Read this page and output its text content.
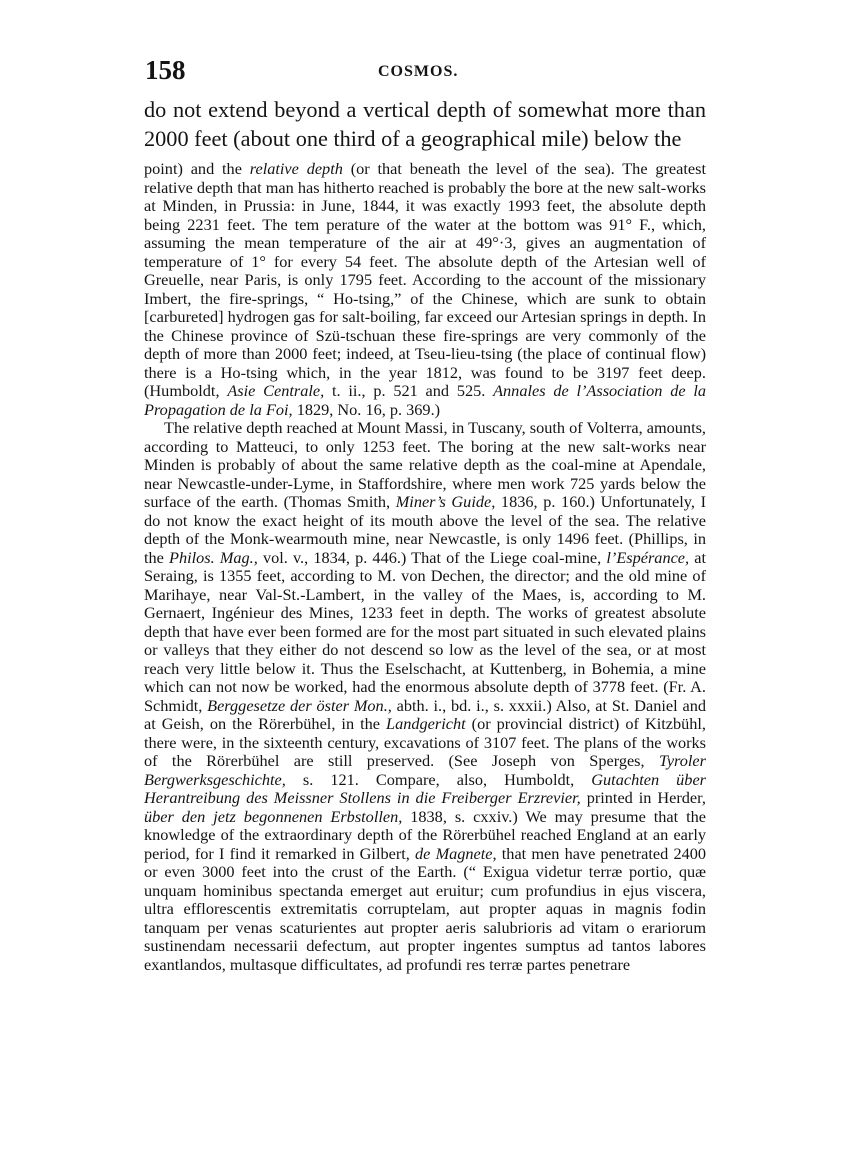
158	COSMOS.

do not extend beyond a vertical depth of somewhat more than 2000 feet (about one third of a geographical mile) below the

point) and the relative depth (or that beneath the level of the sea). The greatest relative depth that man has hitherto reached is probably the bore at the new salt-works at Minden, in Prussia: in June, 1844, it was exactly 1993 feet, the absolute depth being 2231 feet. The tem perature of the water at the bottom was 91° F., which, assuming the mean temperature of the air at 49°·3, gives an augmentation of temperature of 1° for every 54 feet. The absolute depth of the Artesian well of Greuelle, near Paris, is only 1795 feet. According to the account of the missionary Imbert, the fire-springs, “ Ho-tsing,” of the Chinese, which are sunk to obtain [carbureted] hydrogen gas for salt-boiling, far exceed our Artesian springs in depth. In the Chinese province of Szü-tschuan these fire-springs are very commonly of the depth of more than 2000 feet; indeed, at Tseu-lieu-tsing (the place of continual flow) there is a Ho-tsing which, in the year 1812, was found to be 3197 feet deep. (Humboldt, Asie Centrale, t. ii., p. 521 and 525. Annales de l’Association de la Propagation de la Foi, 1829, No. 16, p. 369.)

The relative depth reached at Mount Massi, in Tuscany, south of Volterra, amounts, according to Matteuci, to only 1253 feet. The boring at the new salt-works near Minden is probably of about the same relative depth as the coal-mine at Apendale, near Newcastle-under-Lyme, in Staffordshire, where men work 725 yards below the surface of the earth. (Thomas Smith, Miner’s Guide, 1836, p. 160.) Unfortunately, I do not know the exact height of its mouth above the level of the sea. The relative depth of the Monk-wearmouth mine, near Newcastle, is only 1496 feet. (Phillips, in the Philos. Mag., vol. v., 1834, p. 446.) That of the Liege coal-mine, l’Espérance, at Seraing, is 1355 feet, according to M. von Dechen, the director; and the old mine of Marihaye, near Val-St.-Lambert, in the valley of the Maes, is, according to M. Gernaert, Ingénieur des Mines, 1233 feet in depth. The works of greatest absolute depth that have ever been formed are for the most part situated in such elevated plains or valleys that they either do not descend so low as the level of the sea, or at most reach very little below it. Thus the Eselschacht, at Kuttenberg, in Bohemia, a mine which can not now be worked, had the enormous absolute depth of 3778 feet. (Fr. A. Schmidt, Berggesetze der öster Mon., abth. i., bd. i., s. xxxii.) Also, at St. Daniel and at Geish, on the Rörerbühel, in the Landgericht (or provincial district) of Kitzbühl, there were, in the sixteenth century, excavations of 3107 feet. The plans of the works of the Rörerbühel are still preserved. (See Joseph von Sperges, Tyroler Bergwerksgeschichte, s. 121. Compare, also, Humboldt, Gutachten über Herantreibung des Meissner Stollens in die Freiberger Erzrevier, printed in Herder, über den jetz begonnenen Erbstollen, 1838, s. cxxiv.) We may presume that the knowledge of the extraordinary depth of the Rörerbühel reached England at an early period, for I find it remarked in Gilbert, de Magnete, that men have penetrated 2400 or even 3000 feet into the crust of the Earth. (“ Exigua videtur terræ portio, quæ unquam hominibus spectanda emerget aut eruitur; cum profundius in ejus viscera, ultra efflorescentis extremitatis corruptelam, aut propter aquas in magnis fodin tanquam per venas scaturientes aut propter aeris salubrioris ad vitam o erariorum sustinendam necessarii defectum, aut propter ingentes sumptus ad tantos labores exantlandos, multasque difficultates, ad profundi res terræ partes penetrare
